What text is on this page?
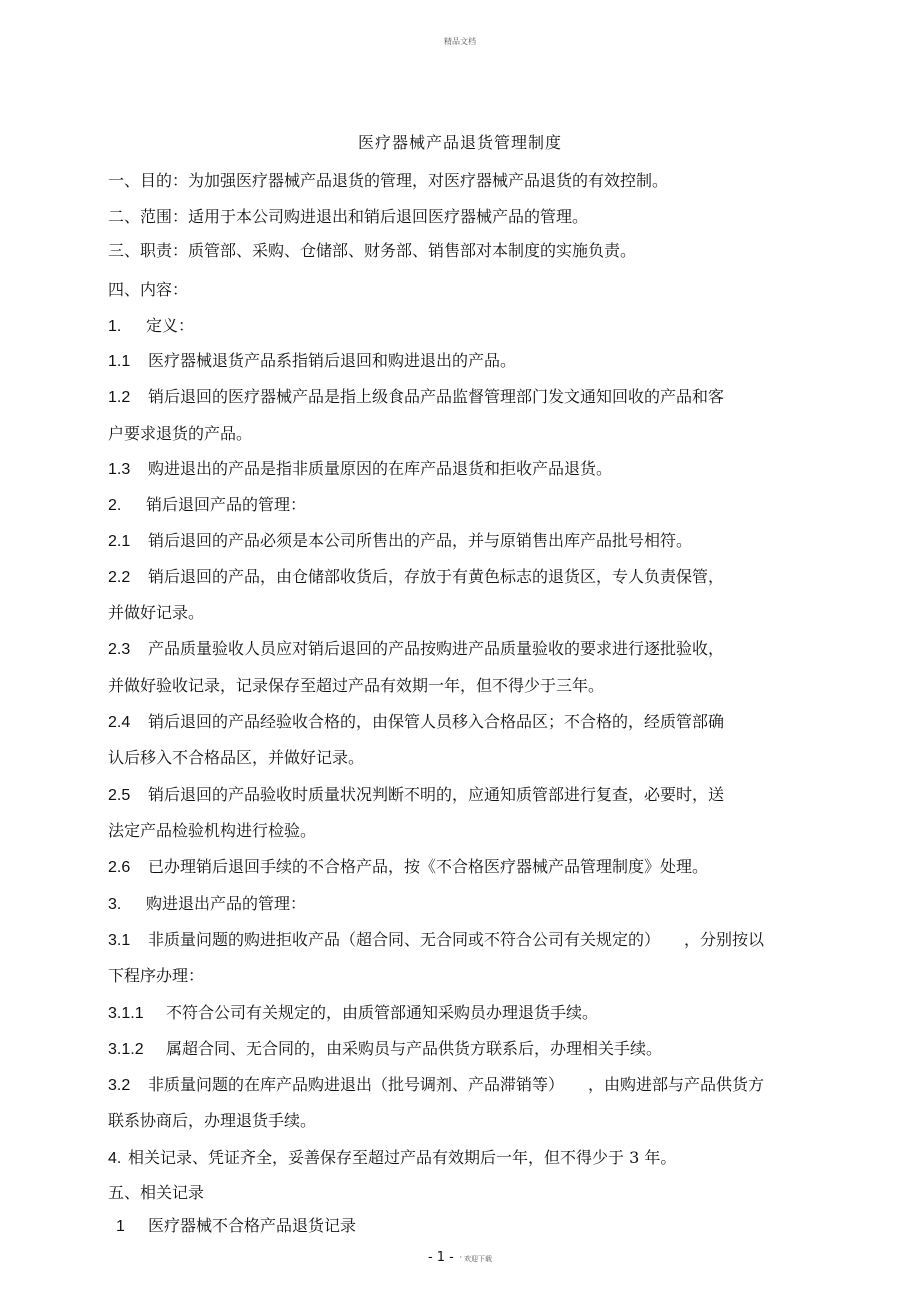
精品文档
医疗器械产品退货管理制度
一、目的：为加强医疗器械产品退货的管理，对医疗器械产品退货的有效控制。
二、范围：适用于本公司购进退出和销后退回医疗器械产品的管理。
三、职责：质管部、采购、仓储部、财务部、销售部对本制度的实施负责。
四、内容：
1. 定义：
1.1 医疗器械退货产品系指销后退回和购进退出的产品。
1.2 销后退回的医疗器械产品是指上级食品产品监督管理部门发文通知回收的产品和客
户要求退货的产品。
1.3 购进退出的产品是指非质量原因的在库产品退货和拒收产品退货。
2. 销后退回产品的管理：
2.1 销后退回的产品必须是本公司所售出的产品，并与原销售出库产品批号相符。
2.2 销后退回的产品，由仓储部收货后，存放于有黄色标志的退货区，专人负责保管，
并做好记录。
2.3 产品质量验收人员应对销后退回的产品按购进产品质量验收的要求进行逐批验收，
并做好验收记录，记录保存至超过产品有效期一年，但不得少于三年。
2.4 销后退回的产品经验收合格的，由保管人员移入合格品区；不合格的，经质管部确
认后移入不合格品区，并做好记录。
2.5 销后退回的产品验收时质量状况判断不明的，应通知质管部进行复查，必要时，送
法定产品检验机构进行检验。
2.6 已办理销后退回手续的不合格产品，按《不合格医疗器械产品管理制度》处理。
3. 购进退出产品的管理：
3.1 非质量问题的购进拒收产品（超合同、无合同或不符合公司有关规定的）　　，分别按以
下程序办理：
3.1.1 不符合公司有关规定的，由质管部通知采购员办理退货手续。
3.1.2 属超合同、无合同的，由采购员与产品供货方联系后，办理相关手续。
3.2 非质量问题的在库产品购进退出（批号调剂、产品滞销等）　　，由购进部与产品供货方
联系协商后，办理退货手续。
4. 相关记录、凭证齐全，妥善保存至超过产品有效期后一年，但不得少于 3 年。
五、相关记录
1 医疗器械不合格产品退货记录
- 1 - ' 欢迎下载
